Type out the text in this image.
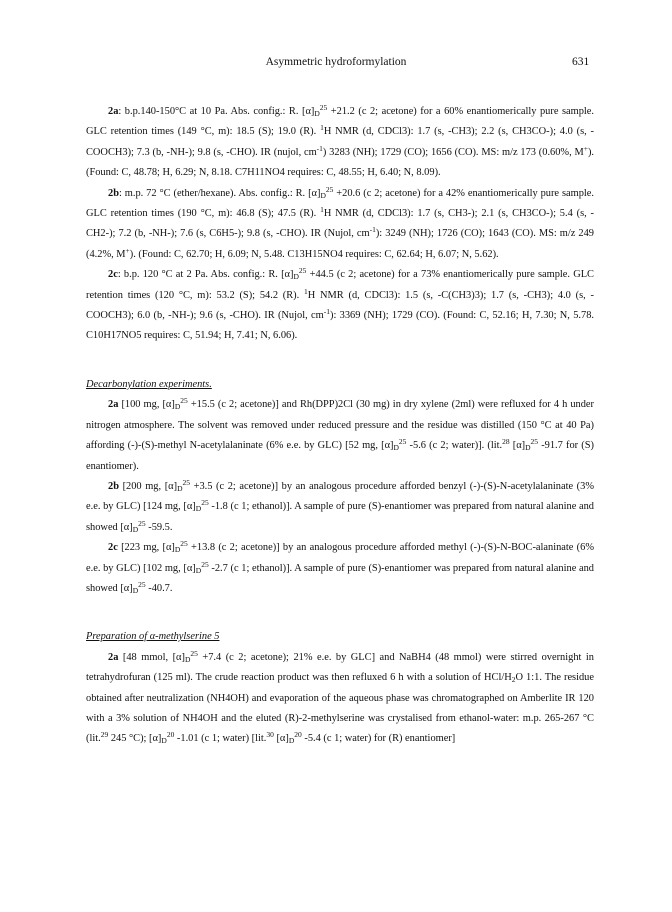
Asymmetric hydroformylation	631

2a: b.p.140-150°C at 10 Pa. Abs. config.: R. $[\alpha]_D^{25} +21.2$ (c 2; acetone) for a 60% enantiomerically pure sample. GLC retention times (149 °C, m): 18.5 (S); 19.0 (R). $^1$H NMR (d, CDCl3): 1.7 (s, -CH3); 2.2 (s, CH3CO-); 4.0 (s, -COOCH3); 7.3 (b, -NH-); 9.8 (s, -CHO). IR (nujol, $cm^{-1}$) 3283 (NH); 1729 (CO); 1656 (CO). MS: m/z 173 (0.60%, M+). (Found: C, 48.78; H, 6.29; N, 8.18. C7H11NO4 requires: C, 48.55; H, 6.40; N, 8.09).

2b: m.p. 72 °C (ether/hexane). Abs. config.: R. $[\alpha]_D^{25} +20.6$ (c 2; acetone) for a 42% enantiomerically pure sample. GLC retention times (190 °C, m): 46.8 (S); 47.5 (R). $^1$H NMR (d, CDCl3): 1.7 (s, CH3-); 2.1 (s, CH3CO-); 5.4 (s, -CH2-); 7.2 (b, -NH-); 7.6 (s, C6H5-); 9.8 (s, -CHO). IR (Nujol, $cm^{-1}$): 3249 (NH); 1726 (CO); 1643 (CO). MS: m/z 249 (4.2%, M+). (Found: C, 62.70; H, 6.09; N, 5.48. C13H15NO4 requires: C, 62.64; H, 6.07; N, 5.62).

2c: b.p. 120 °C at 2 Pa. Abs. config.: R. $[\alpha]_D^{25} +44.5$ (c 2; acetone) for a 73% enantiomerically pure sample. GLC retention times (120 °C, m): 53.2 (S); 54.2 (R). $^1$H NMR (d, CDCl3): 1.5 (s, -C(CH3)3); 1.7 (s, -CH3); 4.0 (s, -COOCH3); 6.0 (b, -NH-); 9.6 (s, -CHO). IR (Nujol, $cm^{-1}$): 3369 (NH); 1729 (CO). (Found: C, 52.16; H, 7.30; N, 5.78. C10H17NO5 requires: C, 51.94; H, 7.41; N, 6.06).

Decarbonylation experiments.

2a [100 mg, $[\alpha]_D^{25} +15.5$ (c 2; acetone)] and Rh(DPP)2Cl (30 mg) in dry xylene (2ml) were refluxed for 4 h under nitrogen atmosphere. The solvent was removed under reduced pressure and the residue was distilled (150 °C at 40 Pa) affording (-)-(S)-methyl N-acetylalaninate (6% e.e. by GLC) [52 mg, $[\alpha]_D^{25}$ -5.6 (c 2; water)]. (lit.$^{28}$ $[\alpha]_D^{25}$ -91.7 for (S) enantiomer).

2b [200 mg, $[\alpha]_D^{25} +3.5$ (c 2; acetone)] by an analogous procedure afforded benzyl (-)-(S)-N-acetylalaninate (3% e.e. by GLC) [124 mg, $[\alpha]_D^{25}$ -1.8 (c 1; ethanol)]. A sample of pure (S)-enantiomer was prepared from natural alanine and showed $[\alpha]_D^{25}$ -59.5.

2c [223 mg, $[\alpha]_D^{25} +13.8$ (c 2; acetone)] by an analogous procedure afforded methyl (-)-(S)-N-BOC-alaninate (6% e.e. by GLC) [102 mg, $[\alpha]_D^{25}$ -2.7 (c 1; ethanol)]. A sample of pure (S)-enantiomer was prepared from natural alanine and showed $[\alpha]_D^{25}$ -40.7.

Preparation of α-methylserine 5

2a [48 mmol, $[\alpha]_D^{25} +7.4$ (c 2; acetone); 21% e.e. by GLC] and NaBH4 (48 mmol) were stirred overnight in tetrahydrofuran (125 ml). The crude reaction product was then refluxed 6 h with a solution of HCl/$H_2O$ 1:1. The residue obtained after neutralization (NH4OH) and evaporation of the aqueous phase was chromatographed on Amberlite IR 120 with a 3% solution of NH4OH and the eluted (R)-2-methylserine was crystalised from ethanol-water: m.p. 265-267 °C (lit.$^{29}$ 245 °C); $[\alpha]_D^{20}$ -1.01 (c 1; water) [lit.$^{30}$ $[\alpha]_D^{20}$ -5.4 (c 1; water) for (R) enantiomer]
